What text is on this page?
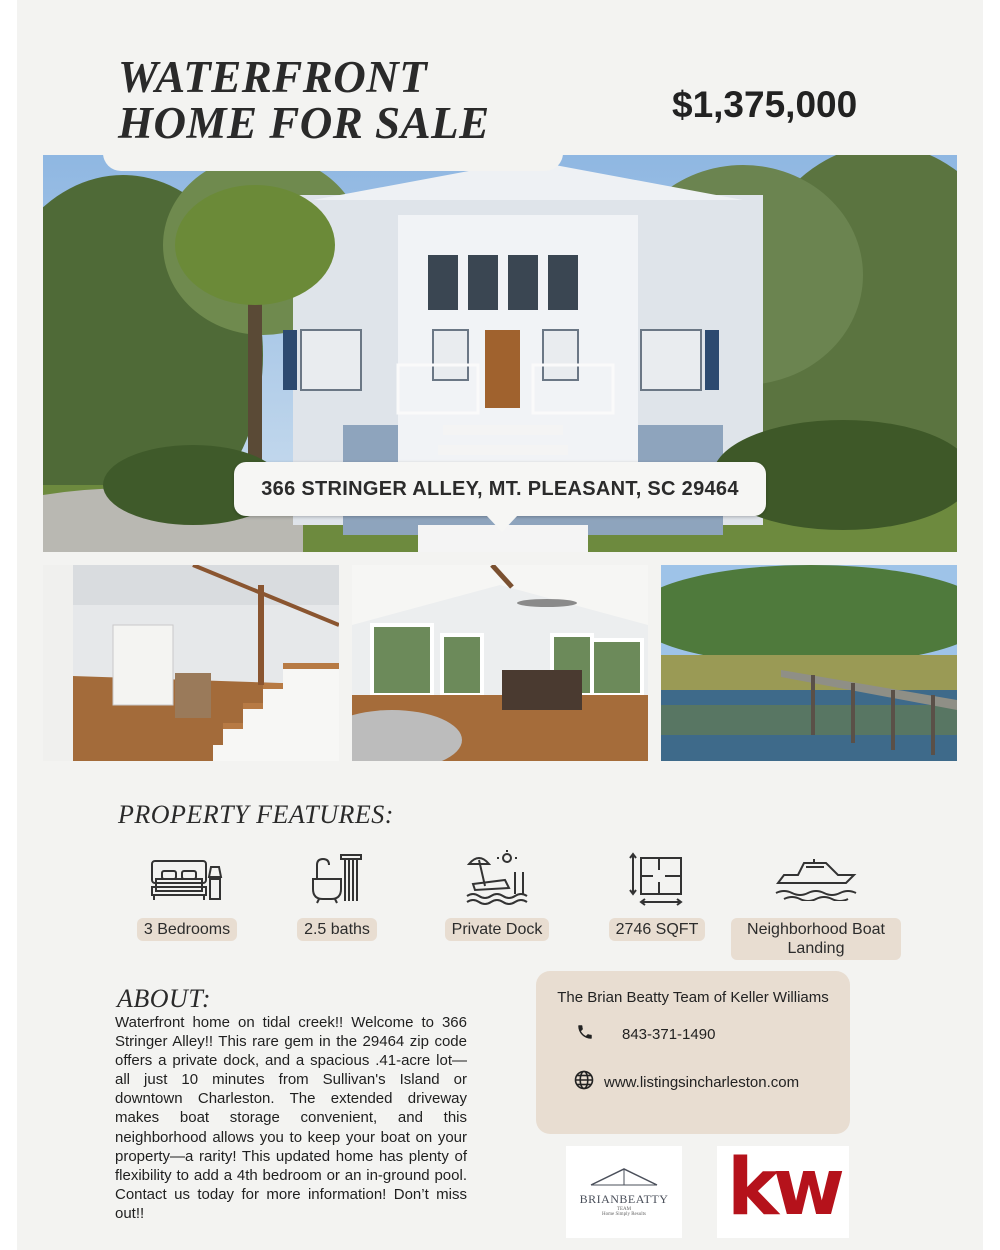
WATERFRONT
HOME FOR SALE	$1,375,000
366 STRINGER ALLEY, MT. PLEASANT, SC 29464
PROPERTY FEATURES:
3 Bedrooms	2.5 baths	Private Dock	2746 SQFT	Neighborhood Boat Landing
ABOUT:
Waterfront home on tidal creek!! Welcome to 366 Stringer Alley!! This rare gem in the 29464 zip code offers a private dock, and a spacious .41-acre lot—all just 10 minutes from Sullivan's Island or downtown Charleston. The extended driveway makes boat storage convenient, and this neighborhood allows you to keep your boat on your property—a rarity! This updated home has plenty of flexibility to add a 4th bedroom or an in-ground pool. Contact us today for more information! Don’t miss out!!
The Brian Beatty Team of Keller Williams
843-371-1490
www.listingsincharleston.com
BRIANBEATTY
TEAM
Home Simply Results kw
